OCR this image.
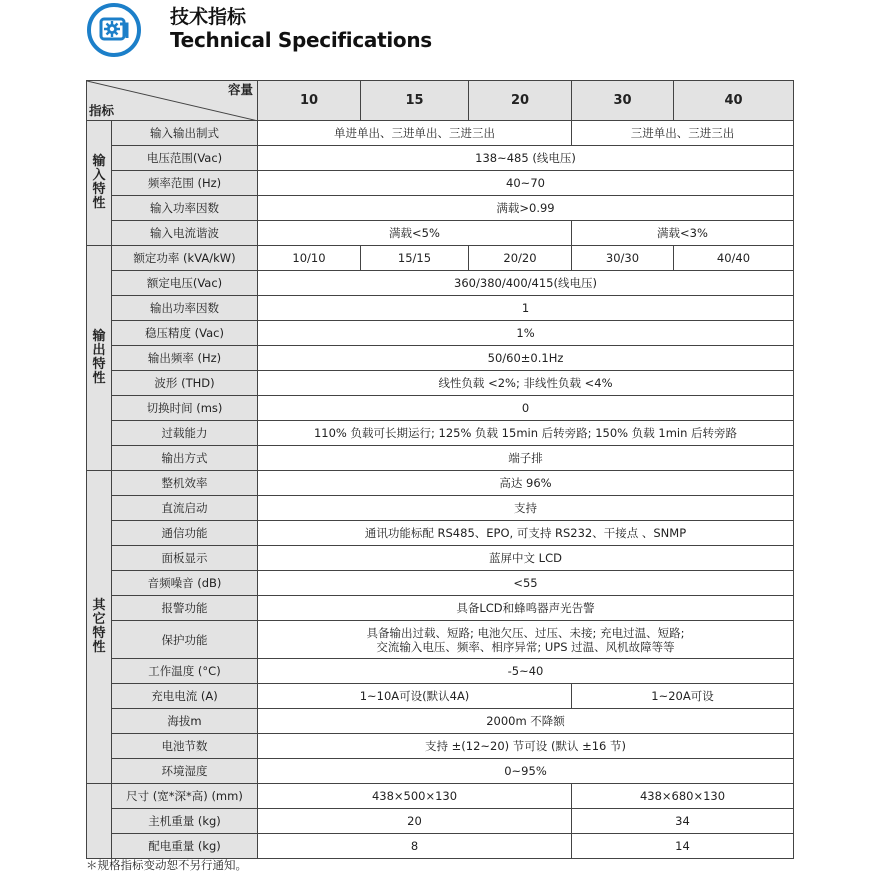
技术指标
Technical Specifications
容量
指标		10	15	20	30	40
输
入
特
性	输入输出制式	单进单出、三进单出、三进三出			三进单出、三进三出	
	电压范围(Vac)	138~485 (线电压)				
	频率范围 (Hz)	40~70				
	输入功率因数	满载>0.99				
	输入电流谐波	满载<5%			满载<3%	
输
出
特
性	额定功率 (kVA/kW)	10/10	15/15	20/20	30/30	40/40
	额定电压(Vac)	360/380/400/415(线电压)				
	输出功率因数	1				
	稳压精度 (Vac)	1%				
	输出频率 (Hz)	50/60±0.1Hz				
	波形 (THD)	线性负载 <2%; 非线性负载 <4%				
	切换时间 (ms)	0				
	过载能力	110% 负载可长期运行; 125% 负载 15min 后转旁路; 150% 负载 1min 后转旁路				
	输出方式	端子排				
其
它
特
性	整机效率	高达 96%				
	直流启动	支持				
	通信功能	通讯功能标配 RS485、EPO, 可支持 RS232、干接点 、SNMP				
	面板显示	蓝屏中文 LCD				
	音频噪音 (dB)	<55				
	报警功能	具备LCD和蜂鸣器声光告警				
	保护功能	具备输出过载、短路; 电池欠压、过压、未接; 充电过温、短路;
交流输入电压、频率、相序异常; UPS 过温、风机故障等等				

	工作温度 (°C)	-5~40				
	充电电流 (A)	1~10A可设(默认4A)			1~20A可设	
	海拔m	2000m 不降额				
	电池节数	支持 ±(12~20) 节可设 (默认 ±16 节)				
	环境湿度	0~95%				
	尺寸 (宽*深*高) (mm)	438×500×130			438×680×130	
	主机重量 (kg)	20			34	
	配电重量 (kg)	8			14	
＊规格指标变动恕不另行通知。
